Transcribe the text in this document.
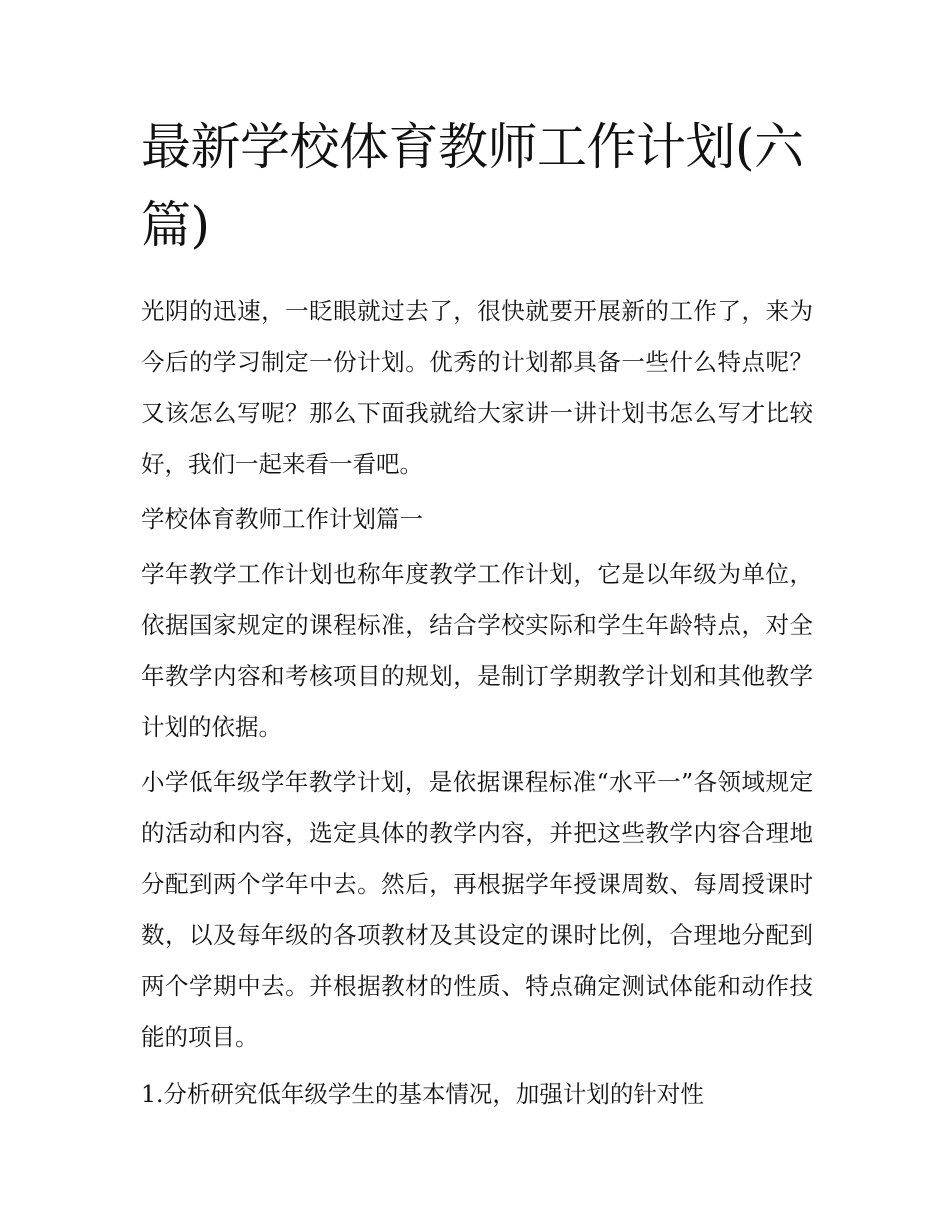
最新学校体育教师工作计划(六篇)

光阴的迅速，一眨眼就过去了，很快就要开展新的工作了，来为今后的学习制定一份计划。优秀的计划都具备一些什么特点呢？又该怎么写呢？那么下面我就给大家讲一讲计划书怎么写才比较好，我们一起来看一看吧。

学校体育教师工作计划篇一

学年教学工作计划也称年度教学工作计划，它是以年级为单位，依据国家规定的课程标准，结合学校实际和学生年龄特点，对全年教学内容和考核项目的规划，是制订学期教学计划和其他教学计划的依据。

小学低年级学年教学计划，是依据课程标准“水平一”各领域规定的活动和内容，选定具体的教学内容，并把这些教学内容合理地分配到两个学年中去。然后，再根据学年授课周数、每周授课时数，以及每年级的各项教材及其设定的课时比例，合理地分配到两个学期中去。并根据教材的性质、特点确定测试体能和动作技能的项目。

1.分析研究低年级学生的基本情况，加强计划的针对性
